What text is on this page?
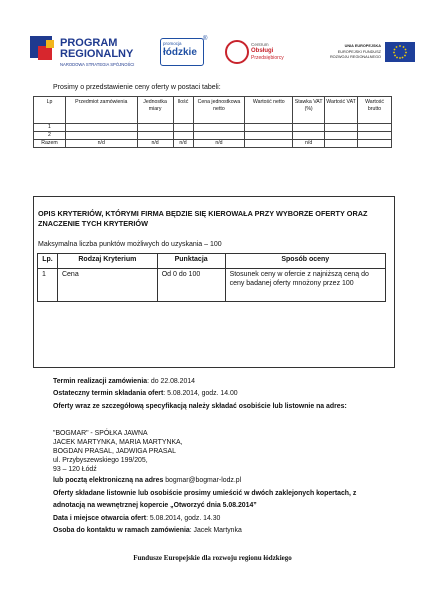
PROGRAM
REGIONALNY
NARODOWA STRATEGIA SPÓJNOŚCI
promocja
łódzkie
®
Centrum
Obsługi
Przedsiębiorcy
UNIA EUROPEJSKA
EUROPEJSKI FUNDUSZ
ROZWOJU REGIONALNEGO
Prosimy o przedstawienie ceny oferty w postaci tabeli:
Lp	Przedmiot zamówienia	Jednostka miary	Ilość	Cena jednostkowa netto	Wartość netto	Stawka VAT (%)	Wartość VAT	Wartość brutto
1								
2								
Razem	n/d	n/d	n/d	n/d		n/d		
OPIS KRYTERIÓW, KTÓRYMI FIRMA BĘDZIE SIĘ KIEROWAŁA PRZY WYBORZE OFERTY ORAZ ZNACZENIE TYCH KRYTERIÓW
Maksymalna liczba punktów możliwych do uzyskania – 100
Lp.	Rodzaj Kryterium	Punktacja	Sposób oceny
1	Cena	Od 0 do 100	Stosunek ceny w ofercie z najniższą ceną do ceny badanej oferty mnożony przez 100
Termin realizacji zamówienia: do 22.08.2014
Ostateczny termin składania ofert: 5.08.2014, godz. 14.00
Oferty wraz ze szczegółową specyfikacją należy składać osobiście lub listownie na adres:
"BOGMAR" - SPÓŁKA JAWNA
JACEK MARTYNKA, MARIA MARTYNKA,
BOGDAN PRASAL, JADWIGA PRASAL
ul. Przybyszewskiego 199/205,
93 – 120 Łódź
lub pocztą elektroniczną na adres bogmar@bogmar-lodz.pl
Oferty składane listownie lub osobiście prosimy umieścić w dwóch zaklejonych kopertach, z adnotacją na wewnętrznej kopercie „Otworzyć dnia 5.08.2014”
Data i miejsce otwarcia ofert: 5.08.2014, godz. 14.30
Osoba do kontaktu w ramach zamówienia: Jacek Martynka
Fundusze Europejskie dla rozwoju regionu łódzkiego
